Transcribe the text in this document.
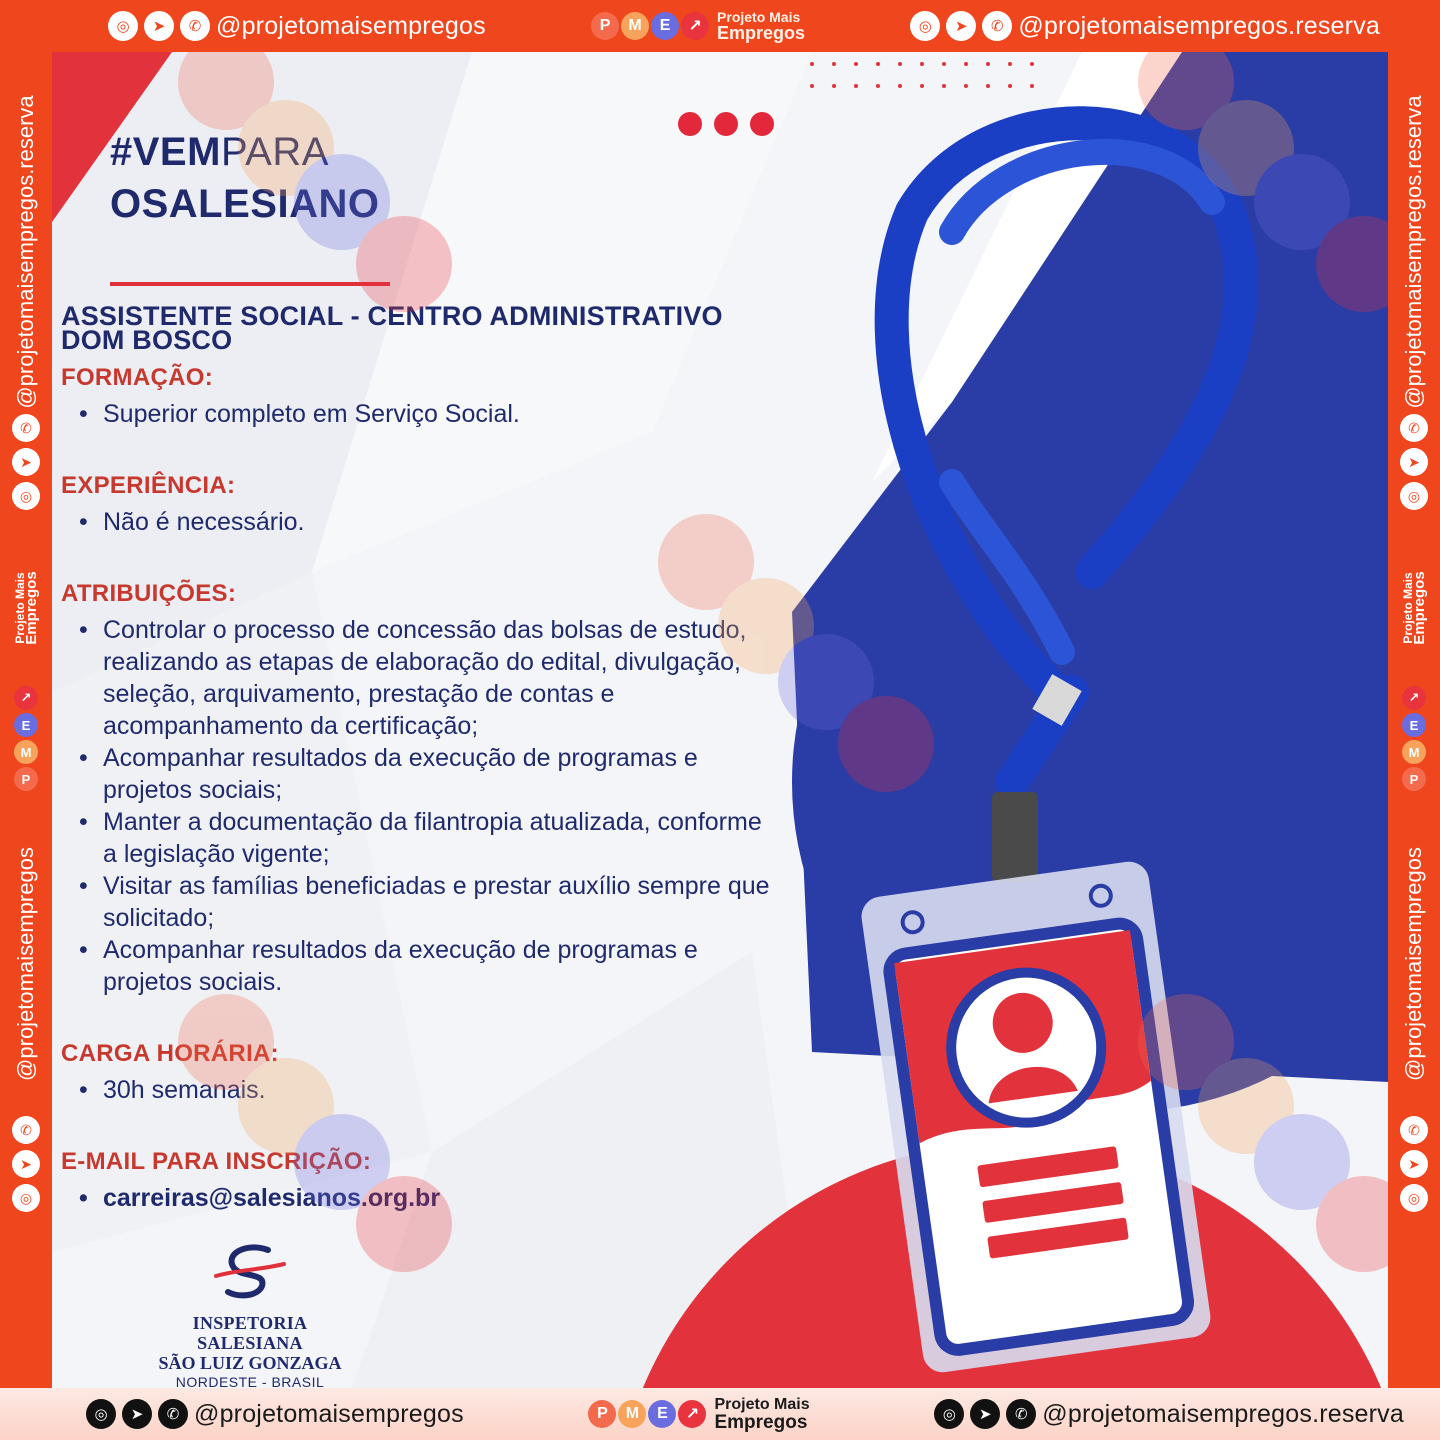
◎	➤	✆ @projetomaisempregos	P	M	E	↗
Projeto Mais
Empregos	◎	➤	✆ @projetomaisempregos.reserva
@projetomaisempregos.reserva
✆
➤
◎
Projeto Mais
Empregos
↗
E
M
P
@projetomaisempregos
✆
➤
◎
@projetomaisempregos.reserva
✆
➤
◎
Projeto Mais
Empregos
↗
E
M
P
@projetomaisempregos
✆
➤
◎
#VEMPARA
OSALESIANO
ASSISTENTE SOCIAL - CENTRO ADMINISTRATIVO
DOM BOSCO
FORMAÇÃO:
• Superior completo em Serviço Social.
EXPERIÊNCIA:
• Não é necessário.
ATRIBUIÇÕES:
• Controlar o processo de concessão das bolsas de estudo, realizando as etapas de elaboração do edital, divulgação, seleção, arquivamento, prestação de contas e acompanhamento da certificação;
• Acompanhar resultados da execução de programas e projetos sociais;
• Manter a documentação da filantropia atualizada, conforme a legislação vigente;
• Visitar as famílias beneficiadas e prestar auxílio sempre que solicitado;
• Acompanhar resultados da execução de programas e projetos sociais.
CARGA HORÁRIA:
• 30h semanais.
E-MAIL PARA INSCRIÇÃO:
• carreiras@salesianos.org.br
INSPETORIA SALESIANA
SÃO LUIZ GONZAGA
NORDESTE - BRASIL
◎	➤	✆ @projetomaisempregos	P	M	E	↗
Projeto Mais
Empregos	◎	➤	✆ @projetomaisempregos.reserva
